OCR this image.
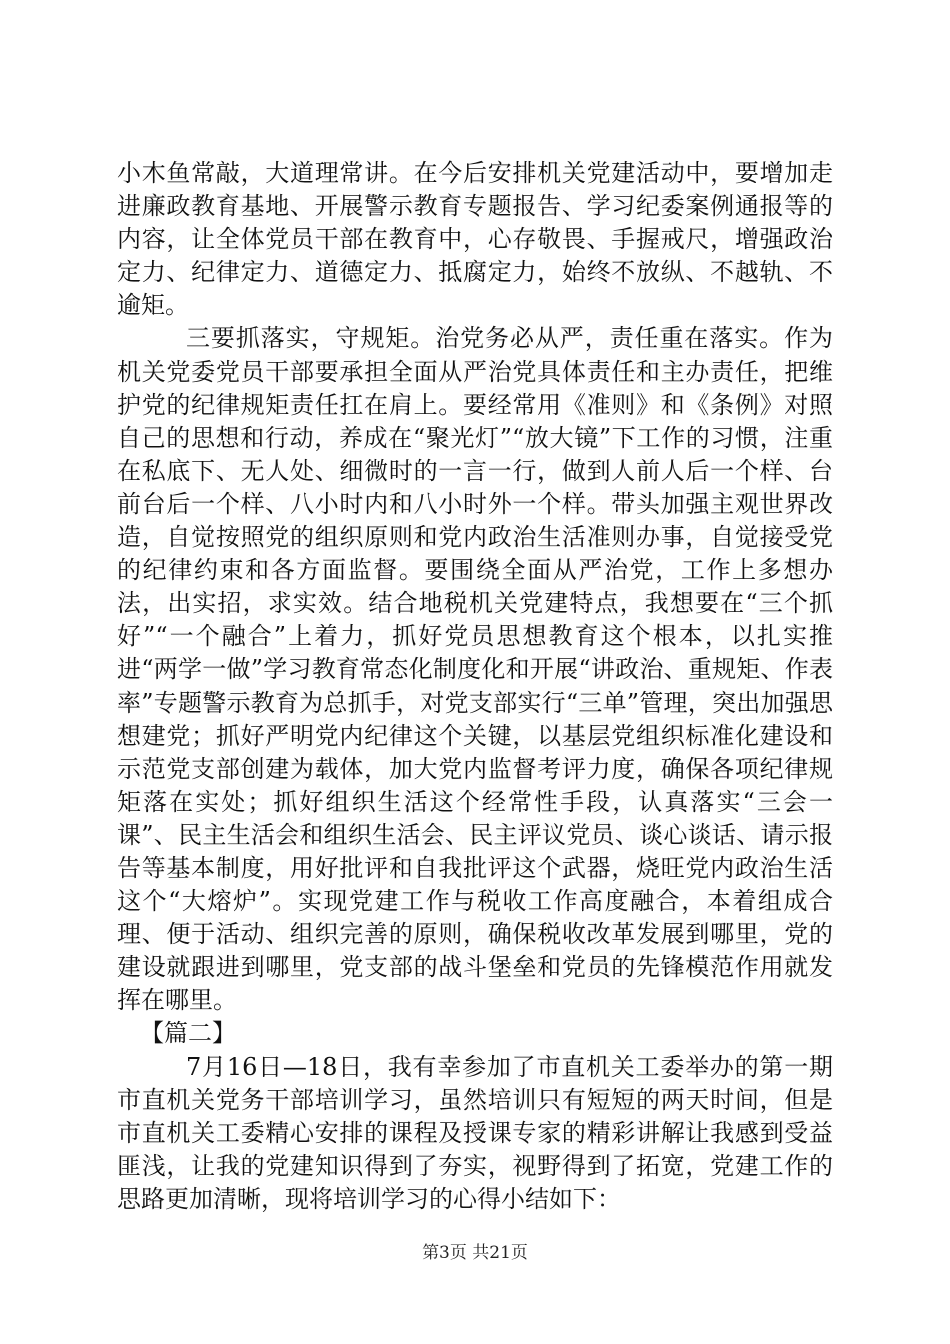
小木鱼常敲，大道理常讲。在今后安排机关党建活动中，要增加走进廉政教育基地、开展警示教育专题报告、学习纪委案例通报等的内容，让全体党员干部在教育中，心存敬畏、手握戒尺，增强政治定力、纪律定力、道德定力、抵腐定力，始终不放纵、不越轨、不逾矩。

三要抓落实，守规矩。治党务必从严，责任重在落实。作为机关党委党员干部要承担全面从严治党具体责任和主办责任，把维护党的纪律规矩责任扛在肩上。要经常用《准则》和《条例》对照自己的思想和行动，养成在“聚光灯”“放大镜”下工作的习惯，注重在私底下、无人处、细微时的一言一行，做到人前人后一个样、台前台后一个样、八小时内和八小时外一个样。带头加强主观世界改造，自觉按照党的组织原则和党内政治生活准则办事，自觉接受党的纪律约束和各方面监督。要围绕全面从严治党，工作上多想办法，出实招，求实效。结合地税机关党建特点，我想要在“三个抓好”“一个融合”上着力，抓好党员思想教育这个根本，以扎实推进“两学一做”学习教育常态化制度化和开展“讲政治、重规矩、作表率”专题警示教育为总抓手，对党支部实行“三单”管理，突出加强思想建党；抓好严明党内纪律这个关键，以基层党组织标准化建设和示范党支部创建为载体，加大党内监督考评力度，确保各项纪律规矩落在实处；抓好组织生活这个经常性手段，认真落实“三会一课”、民主生活会和组织生活会、民主评议党员、谈心谈话、请示报告等基本制度，用好批评和自我批评这个武器，烧旺党内政治生活这个“大熔炉”。实现党建工作与税收工作高度融合，本着组成合理、便于活动、组织完善的原则，确保税收改革发展到哪里，党的建设就跟进到哪里，党支部的战斗堡垒和党员的先锋模范作用就发挥在哪里。

【篇二】

7月16日—18日，我有幸参加了市直机关工委举办的第一期市直机关党务干部培训学习，虽然培训只有短短的两天时间，但是市直机关工委精心安排的课程及授课专家的精彩讲解让我感到受益匪浅，让我的党建知识得到了夯实，视野得到了拓宽，党建工作的思路更加清晰，现将培训学习的心得小结如下：

第3页 共21页
